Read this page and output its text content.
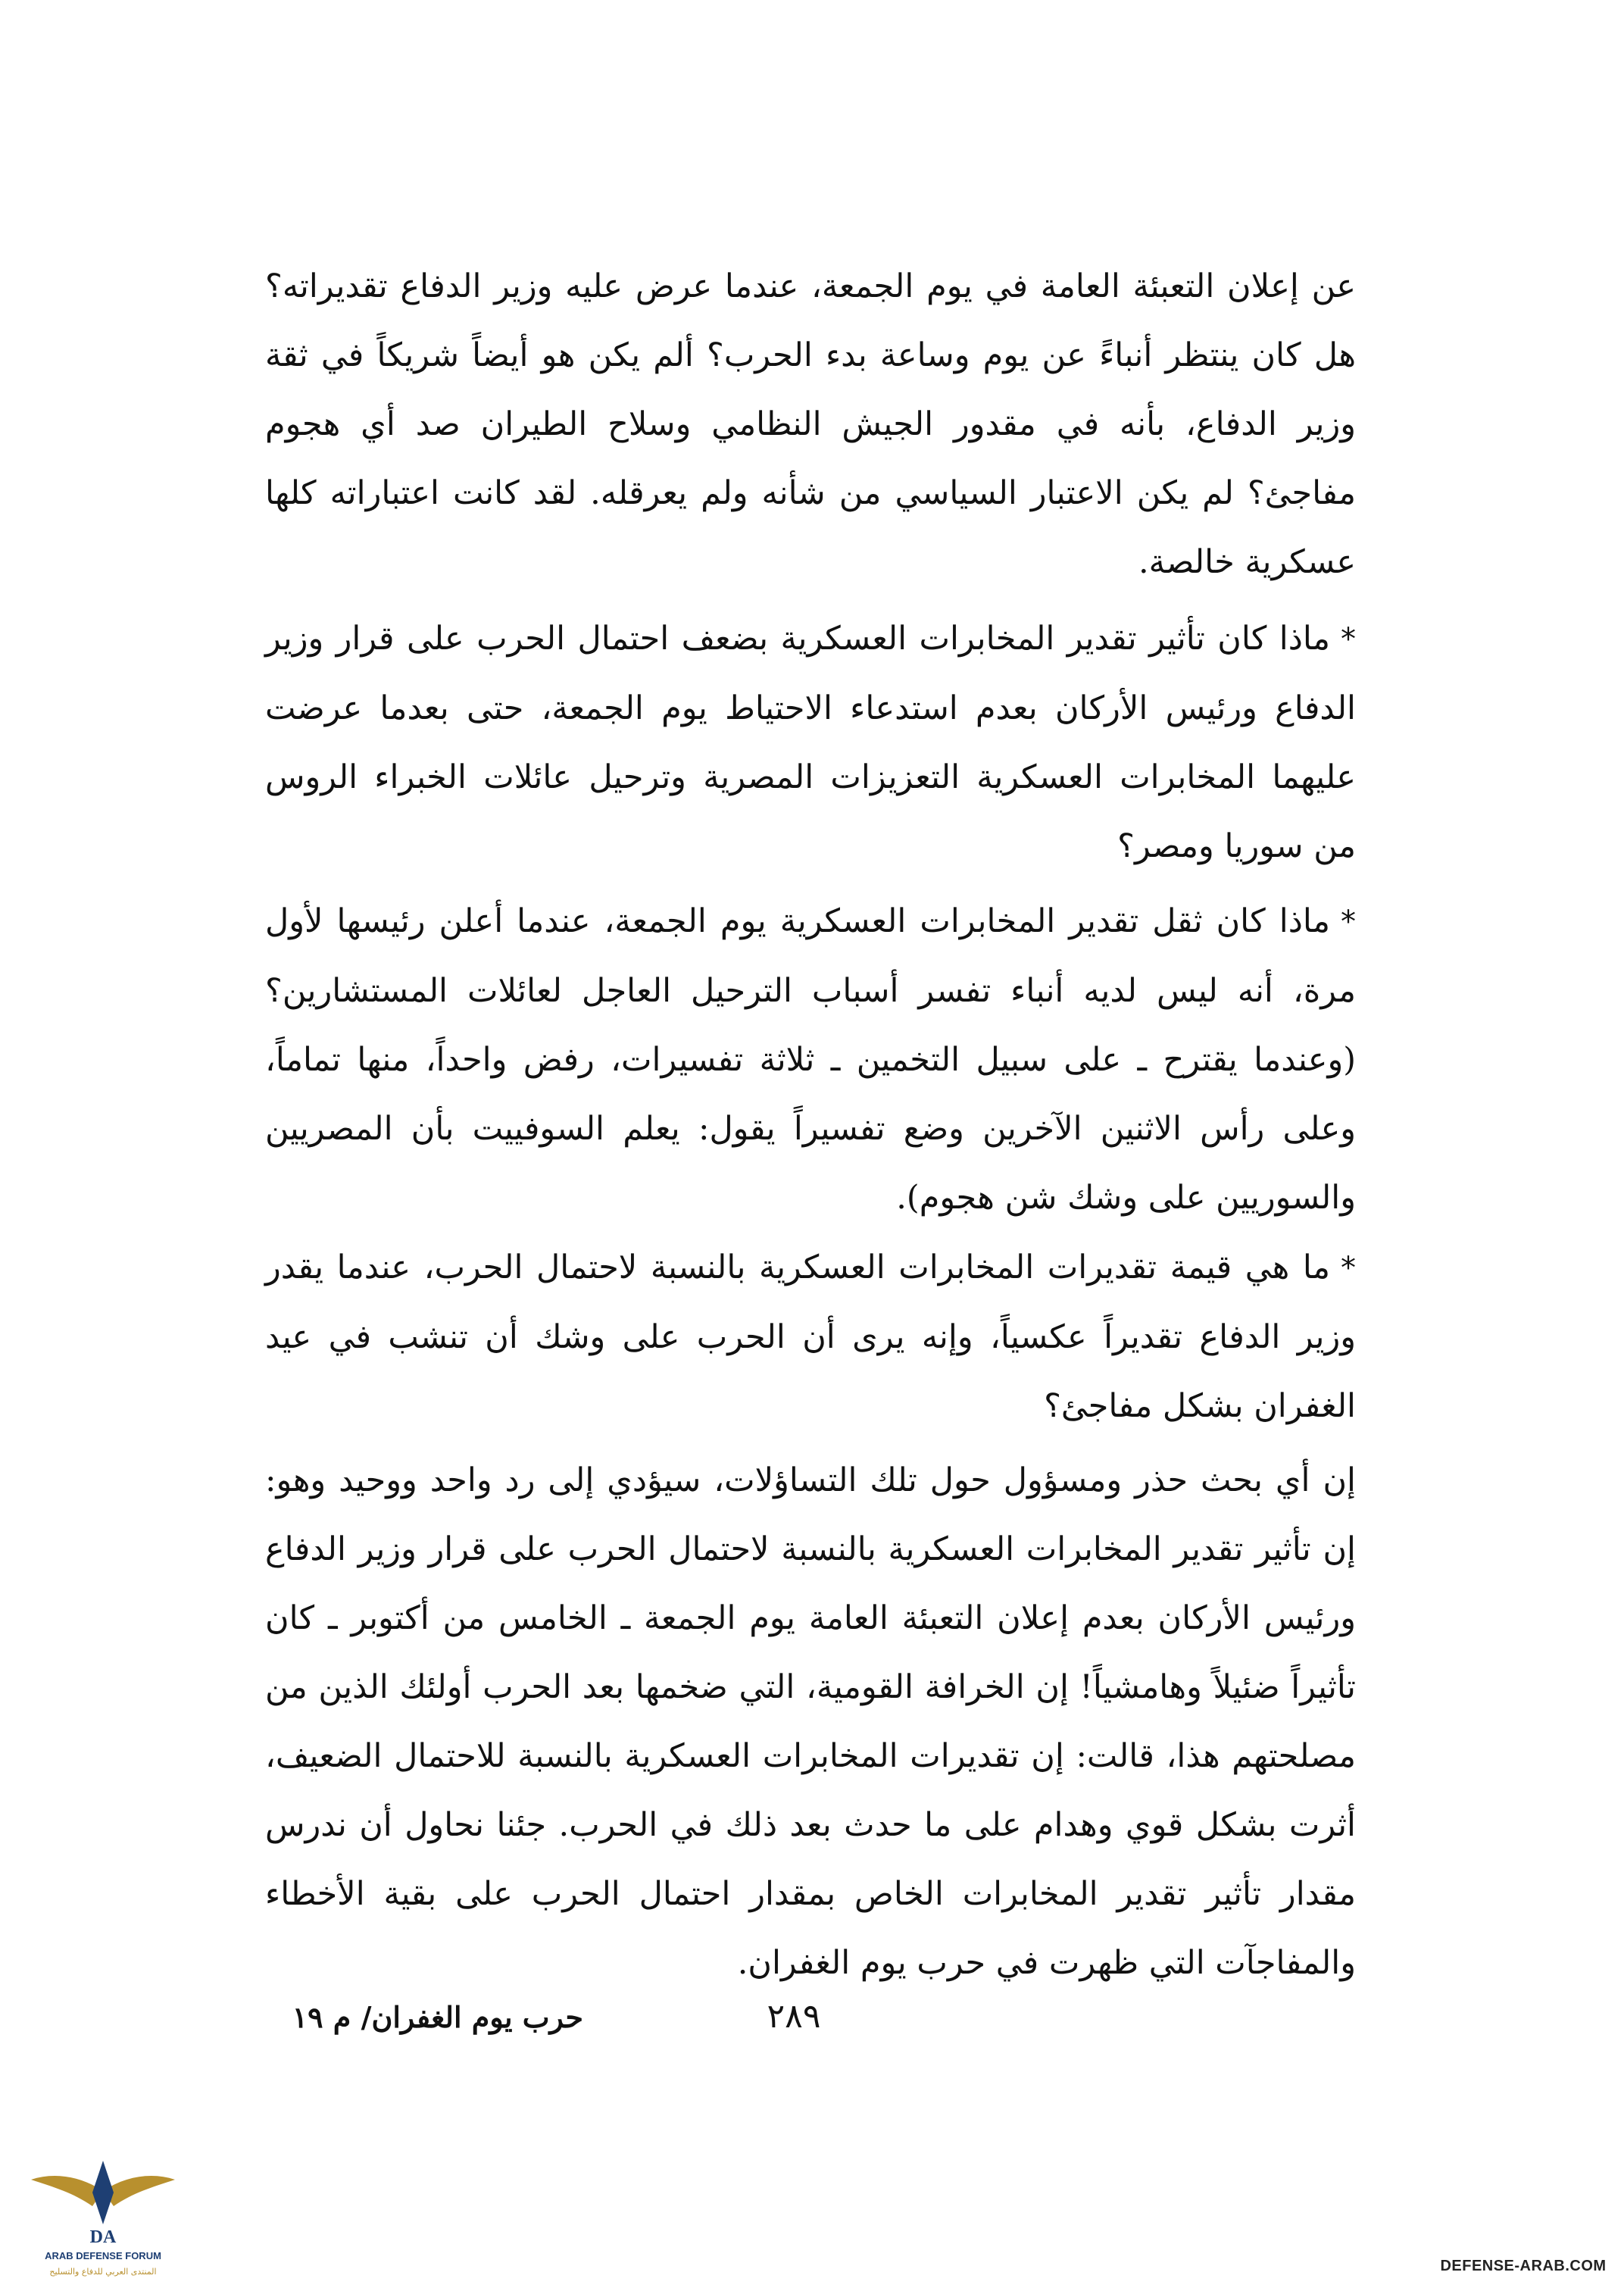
عن إعلان التعبئة العامة في يوم الجمعة، عندما عرض عليه وزير الدفاع تقديراته؟ هل كان ينتظر أنباءً عن يوم وساعة بدء الحرب؟ ألم يكن هو أيضاً شريكاً في ثقة وزير الدفاع، بأنه في مقدور الجيش النظامي وسلاح الطيران صد أي هجوم مفاجئ؟ لم يكن الاعتبار السياسي من شأنه ولم يعرقله. لقد كانت اعتباراته كلها عسكرية خالصة.

*ماذا كان تأثير تقدير المخابرات العسكرية بضعف احتمال الحرب على قرار وزير الدفاع ورئيس الأركان بعدم استدعاء الاحتياط يوم الجمعة، حتى بعدما عرضت عليهما المخابرات العسكرية التعزيزات المصرية وترحيل عائلات الخبراء الروس من سوريا ومصر؟

*ماذا كان ثقل تقدير المخابرات العسكرية يوم الجمعة، عندما أعلن رئيسها لأول مرة، أنه ليس لديه أنباء تفسر أسباب الترحيل العاجل لعائلات المستشارين؟ (وعندما يقترح ـ على سبيل التخمين ـ ثلاثة تفسيرات، رفض واحداً، منها تماماً، وعلى رأس الاثنين الآخرين وضع تفسيراً يقول: يعلم السوفييت بأن المصريين والسوريين على وشك شن هجوم).

*ما هي قيمة تقديرات المخابرات العسكرية بالنسبة لاحتمال الحرب، عندما يقدر وزير الدفاع تقديراً عكسياً، وإنه يرى أن الحرب على وشك أن تنشب في عيد الغفران بشكل مفاجئ؟

إن أي بحث حذر ومسؤول حول تلك التساؤلات، سيؤدي إلى رد واحد ووحيد وهو: إن تأثير تقدير المخابرات العسكرية بالنسبة لاحتمال الحرب على قرار وزير الدفاع ورئيس الأركان بعدم إعلان التعبئة العامة يوم الجمعة ـ الخامس من أكتوبر ـ كان تأثيراً ضئيلاً وهامشياً! إن الخرافة القومية، التي ضخمها بعد الحرب أولئك الذين من مصلحتهم هذا، قالت: إن تقديرات المخابرات العسكرية بالنسبة للاحتمال الضعيف، أثرت بشكل قوي وهدام على ما حدث بعد ذلك في الحرب. جئنا نحاول أن ندرس مقدار تأثير تقدير المخابرات الخاص بمقدار احتمال الحرب على بقية الأخطاء والمفاجآت التي ظهرت في حرب يوم الغفران.

٢٨٩
حرب يوم الغفران/ م ١٩
DA
ARAB DEFENSE FORUM
المنتدى العربي للدفاع والتسليح	DEFENSE-ARAB.COM
